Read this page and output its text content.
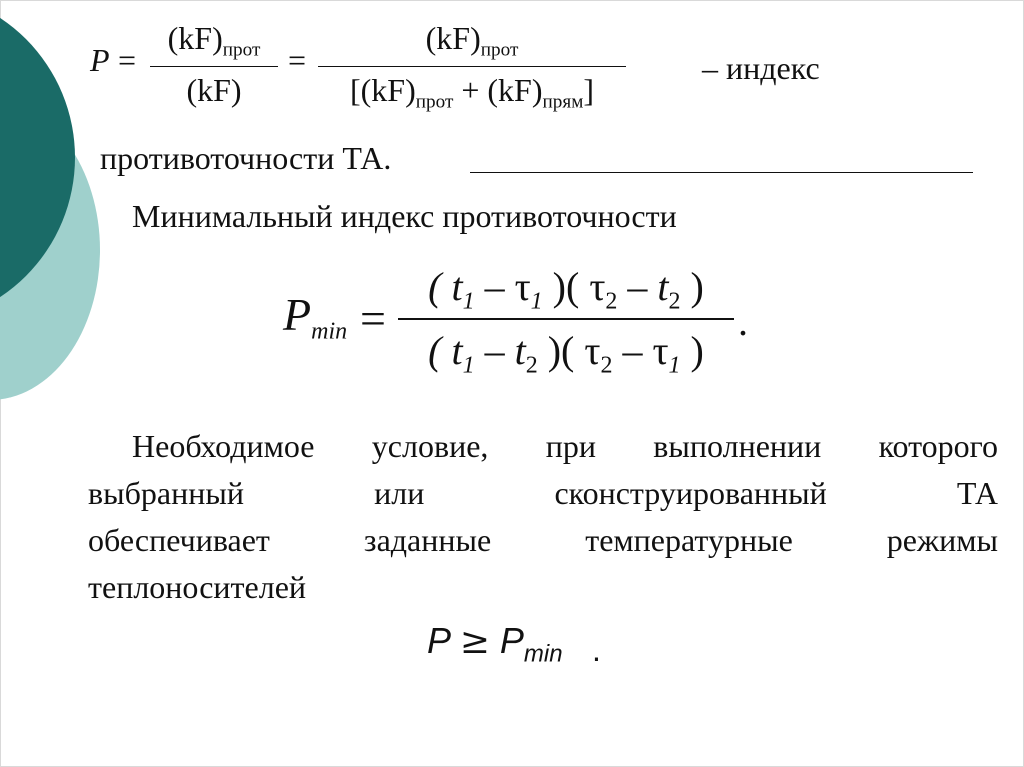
P =
$(kF)_{прот}$
(kF)
=
$(kF)_{прот}$
$[(kF)_{прот} + (kF)_{прям}]$
– индекс
противоточности ТА.
Минимальный индекс противоточности
$P_{min}$ =
( $t_1 - \tau_1$ )( $\tau_2 - t_2$ )
( $t_1 - t_2$ )( $\tau_2 - \tau_1$ )
.
Необходимое условие, при выполнении которого
выбранный	или	сконструированный	ТА
обеспечивает	заданные	температурные	режимы
теплоносителей
$P \ge P_{min}$ .
